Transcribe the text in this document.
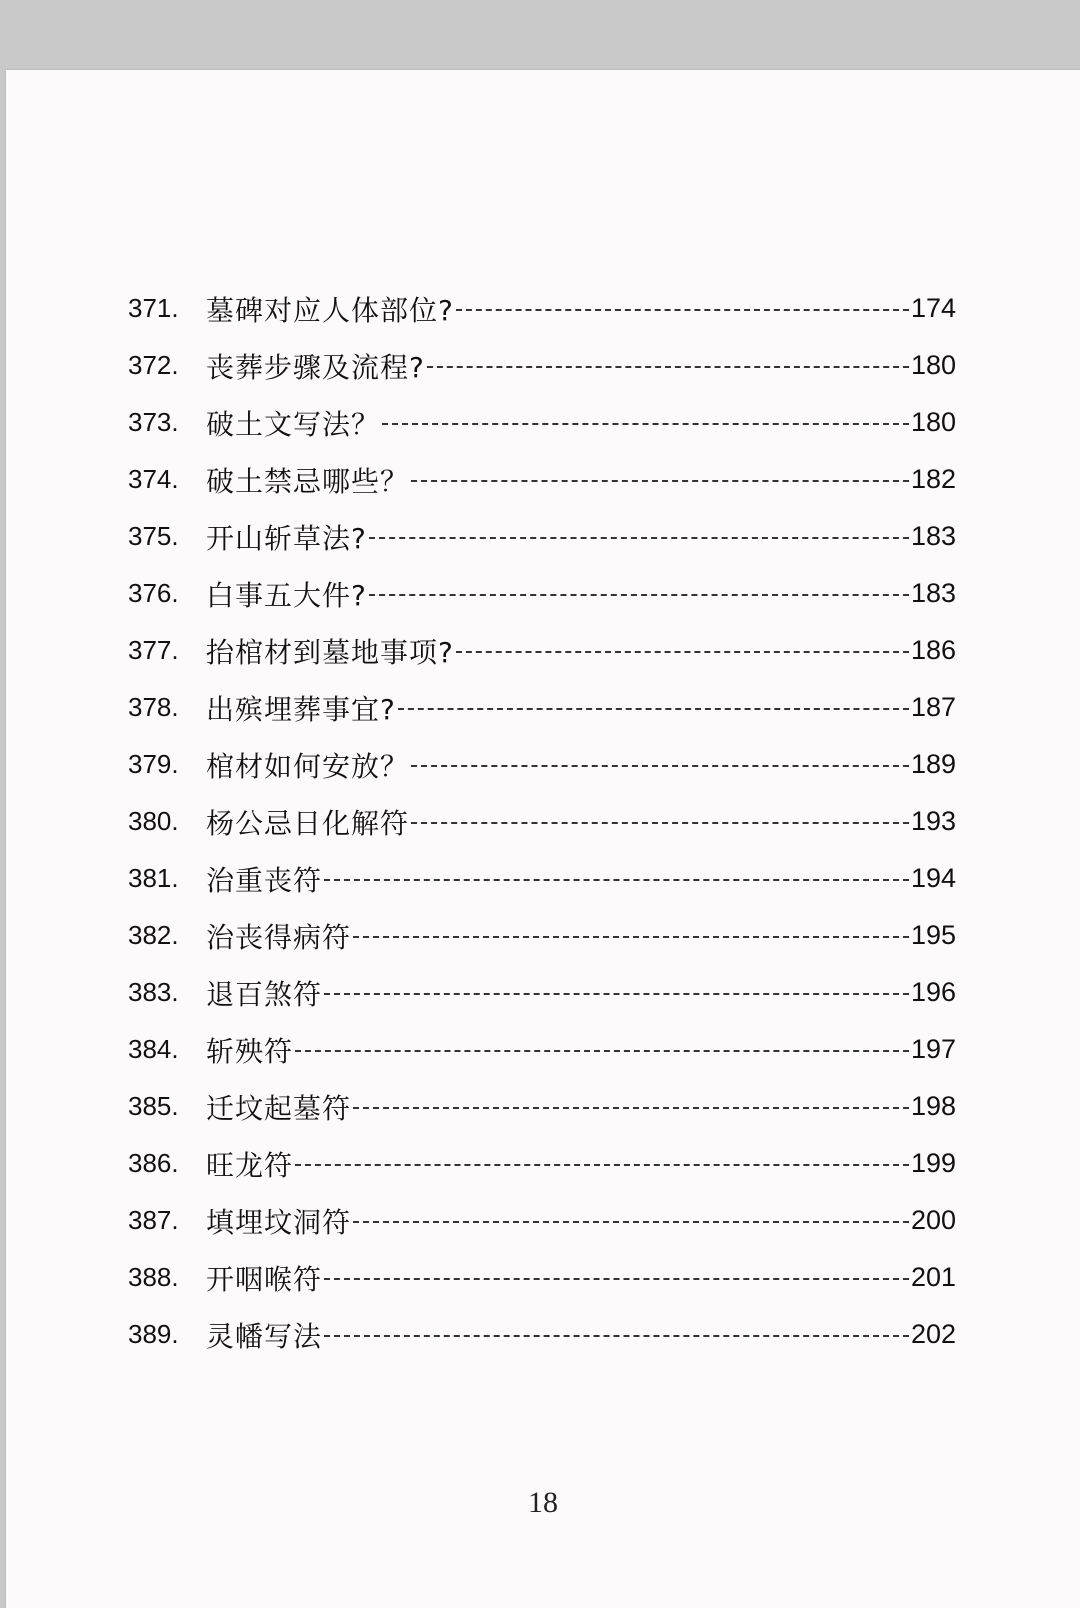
371. 墓碑对应人体部位?	174
372. 丧葬步骤及流程?	180
373. 破土文写法？	180
374. 破土禁忌哪些？	182
375. 开山斩草法?	183
376. 白事五大件?	183
377. 抬棺材到墓地事项?	186
378. 出殡埋葬事宜?	187
379. 棺材如何安放？	189
380. 杨公忌日化解符	193
381. 治重丧符	194
382. 治丧得病符	195
383. 退百煞符	196
384. 斩殃符	197
385. 迁坟起墓符	198
386. 旺龙符	199
387. 填埋坟洞符	200
388. 开咽喉符	201
389. 灵幡写法	202
18
